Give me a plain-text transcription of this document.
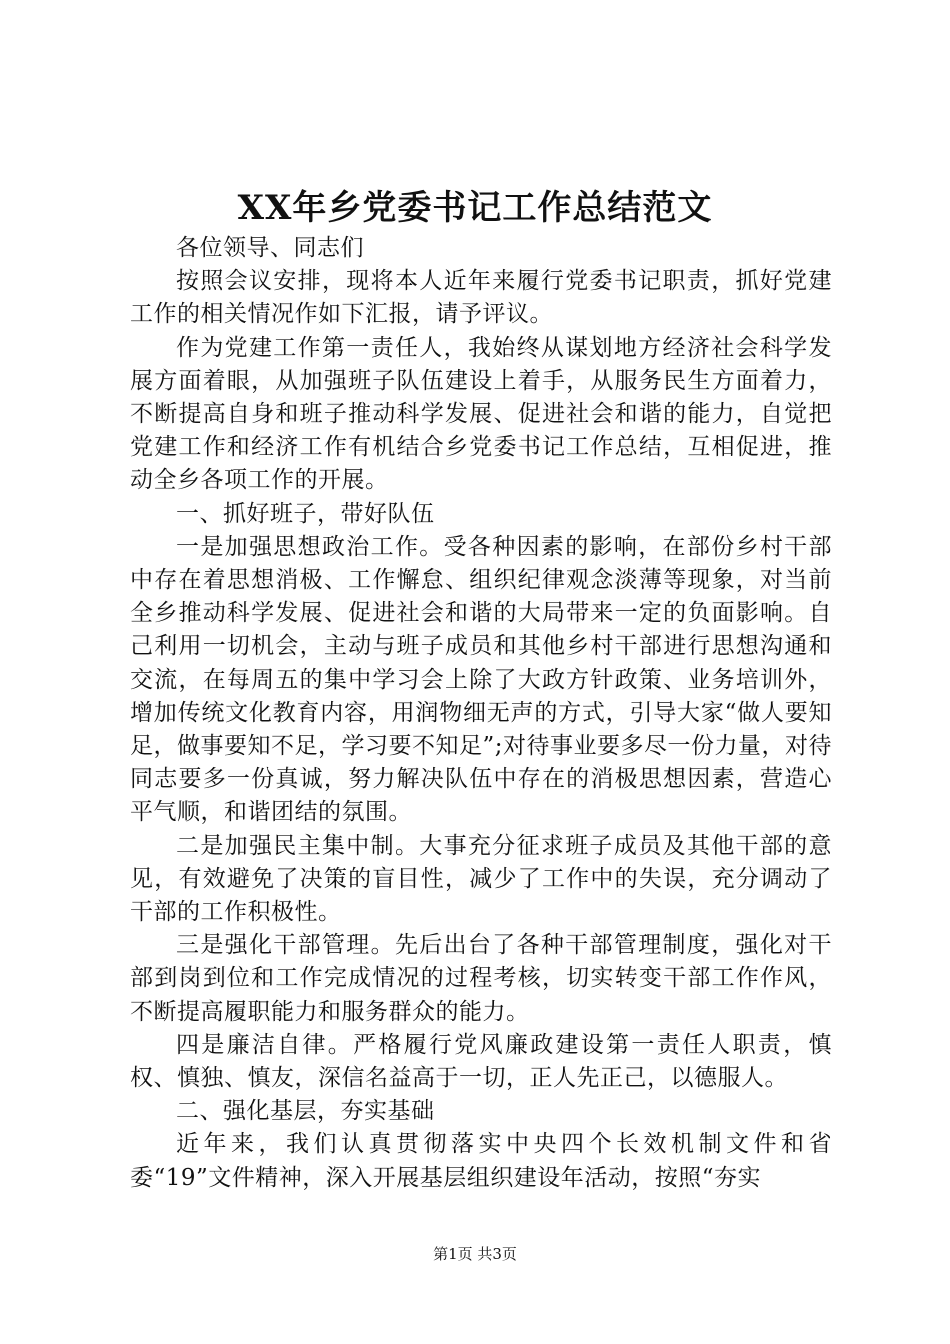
XX年乡党委书记工作总结范文

各位领导、同志们

按照会议安排，现将本人近年来履行党委书记职责，抓好党建工作的相关情况作如下汇报，请予评议。

作为党建工作第一责任人，我始终从谋划地方经济社会科学发展方面着眼，从加强班子队伍建设上着手，从服务民生方面着力，不断提高自身和班子推动科学发展、促进社会和谐的能力，自觉把党建工作和经济工作有机结合乡党委书记工作总结，互相促进，推动全乡各项工作的开展。

一、抓好班子，带好队伍

一是加强思想政治工作。受各种因素的影响，在部份乡村干部中存在着思想消极、工作懈怠、组织纪律观念淡薄等现象，对当前全乡推动科学发展、促进社会和谐的大局带来一定的负面影响。自己利用一切机会，主动与班子成员和其他乡村干部进行思想沟通和交流，在每周五的集中学习会上除了大政方针政策、业务培训外，增加传统文化教育内容，用润物细无声的方式，引导大家“做人要知足，做事要知不足，学习要不知足”;对待事业要多尽一份力量，对待同志要多一份真诚，努力解决队伍中存在的消极思想因素，营造心平气顺，和谐团结的氛围。

二是加强民主集中制。大事充分征求班子成员及其他干部的意见，有效避免了决策的盲目性，减少了工作中的失误，充分调动了干部的工作积极性。

三是强化干部管理。先后出台了各种干部管理制度，强化对干部到岗到位和工作完成情况的过程考核，切实转变干部工作作风，不断提高履职能力和服务群众的能力。

四是廉洁自律。严格履行党风廉政建设第一责任人职责，慎权、慎独、慎友，深信名益高于一切，正人先正己，以德服人。

二、强化基层，夯实基础

近年来，我们认真贯彻落实中央四个长效机制文件和省委“19”文件精神，深入开展基层组织建设年活动，按照“夯实

第1页 共3页
